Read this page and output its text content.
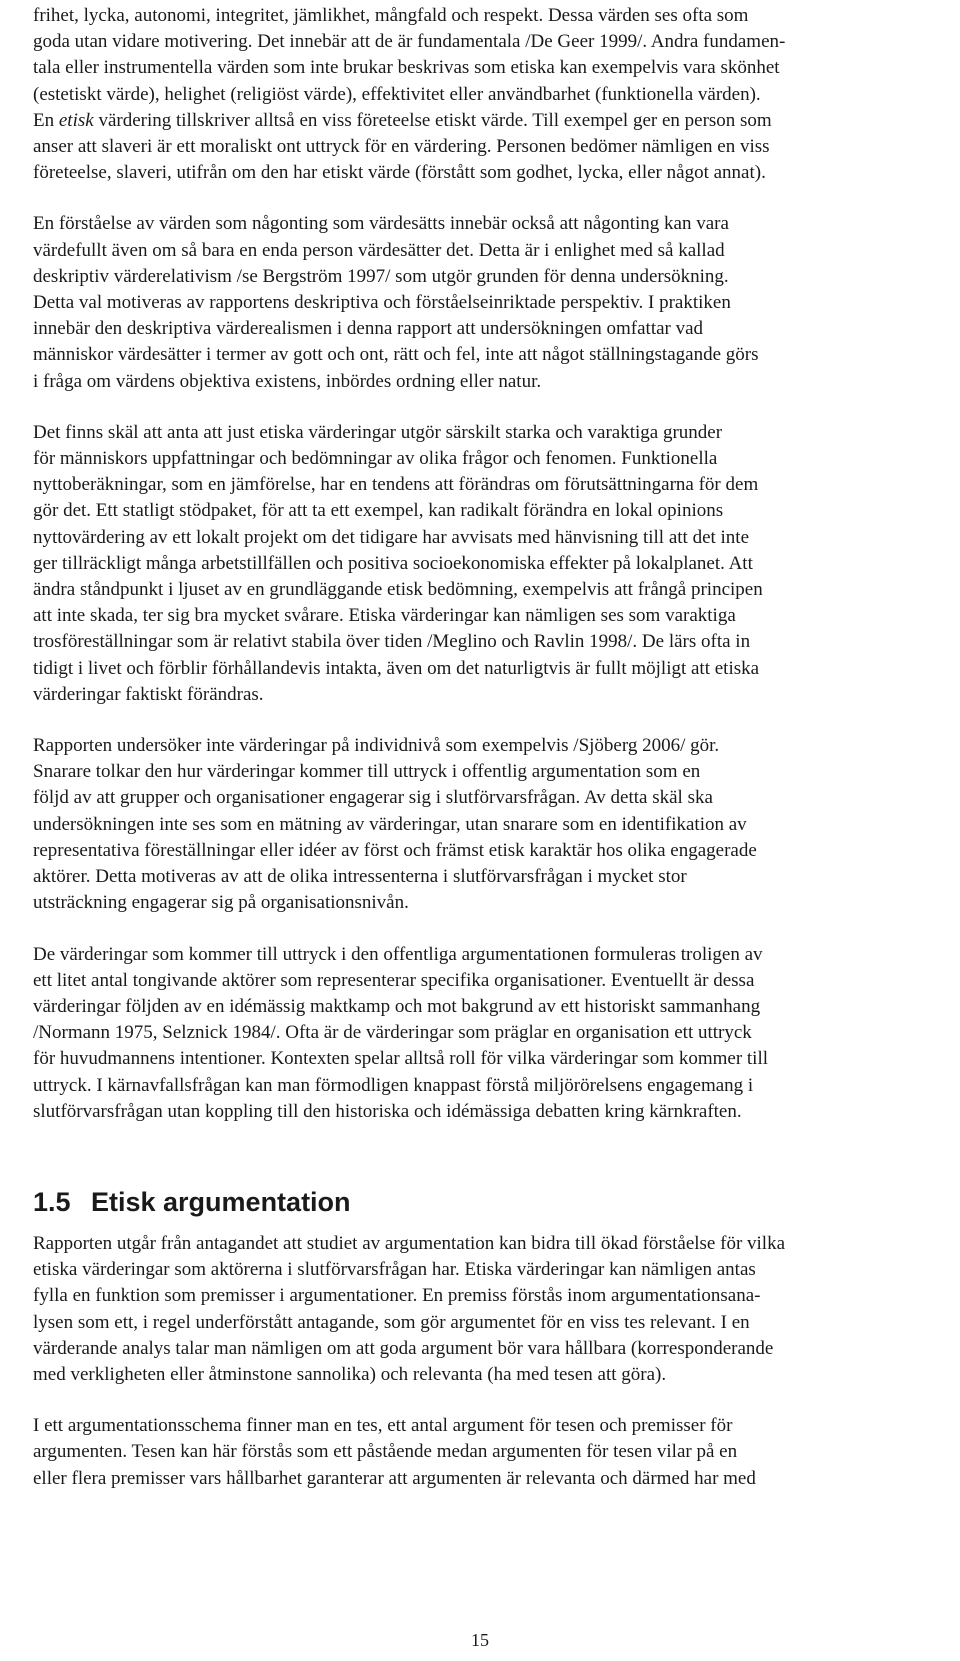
frihet, lycka, autonomi, integritet, jämlikhet, mångfald och respekt. Dessa värden ses ofta som
goda utan vidare motivering. Det innebär att de är fundamentala /De Geer 1999/. Andra fundamen-
tala eller instrumentella värden som inte brukar beskrivas som etiska kan exempelvis vara skönhet
(estetiskt värde), helighet (religiöst värde), effektivitet eller användbarhet (funktionella värden).
En etisk värdering tillskriver alltså en viss företeelse etiskt värde. Till exempel ger en person som
anser att slaveri är ett moraliskt ont uttryck för en värdering. Personen bedömer nämligen en viss
företeelse, slaveri, utifrån om den har etiskt värde (förstått som godhet, lycka, eller något annat).

En förståelse av värden som någonting som värdesätts innebär också att någonting kan vara
värdefullt även om så bara en enda person värdesätter det. Detta är i enlighet med så kallad
deskriptiv värderelativism /se Bergström 1997/ som utgör grunden för denna undersökning.
Detta val motiveras av rapportens deskriptiva och förståelseinriktade perspektiv. I praktiken
innebär den deskriptiva värderealismen i denna rapport att undersökningen omfattar vad
människor värdesätter i termer av gott och ont, rätt och fel, inte att något ställningstagande görs
i fråga om värdens objektiva existens, inbördes ordning eller natur.

Det finns skäl att anta att just etiska värderingar utgör särskilt starka och varaktiga grunder
för människors uppfattningar och bedömningar av olika frågor och fenomen. Funktionella
nyttoberäkningar, som en jämförelse, har en tendens att förändras om förutsättningarna för dem
gör det. Ett statligt stödpaket, för att ta ett exempel, kan radikalt förändra en lokal opinions
nyttovärdering av ett lokalt projekt om det tidigare har avvisats med hänvisning till att det inte
ger tillräckligt många arbetstillfällen och positiva socioekonomiska effekter på lokalplanet. Att
ändra ståndpunkt i ljuset av en grundläggande etisk bedömning, exempelvis att frångå principen
att inte skada, ter sig bra mycket svårare. Etiska värderingar kan nämligen ses som varaktiga
trosföreställningar som är relativt stabila över tiden /Meglino och Ravlin 1998/. De lärs ofta in
tidigt i livet och förblir förhållandevis intakta, även om det naturligtvis är fullt möjligt att etiska
värderingar faktiskt förändras.

Rapporten undersöker inte värderingar på individnivå som exempelvis /Sjöberg 2006/ gör.
Snarare tolkar den hur värderingar kommer till uttryck i offentlig argumentation som en
följd av att grupper och organisationer engagerar sig i slutförvarsfrågan. Av detta skäl ska
undersökningen inte ses som en mätning av värderingar, utan snarare som en identifikation av
representativa föreställningar eller idéer av först och främst etisk karaktär hos olika engagerade
aktörer. Detta motiveras av att de olika intressenterna i slutförvarsfrågan i mycket stor
utsträckning engagerar sig på organisationsnivån.

De värderingar som kommer till uttryck i den offentliga argumentationen formuleras troligen av
ett litet antal tongivande aktörer som representerar specifika organisationer. Eventuellt är dessa
värderingar följden av en idémässig maktkamp och mot bakgrund av ett historiskt sammanhang
/Normann 1975, Selznick 1984/. Ofta är de värderingar som präglar en organisation ett uttryck
för huvudmannens intentioner. Kontexten spelar alltså roll för vilka värderingar som kommer till
uttryck. I kärnavfallsfrågan kan man förmodligen knappast förstå miljörörelsens engagemang i
slutförvarsfrågan utan koppling till den historiska och idémässiga debatten kring kärnkraften.

1.5 Etisk argumentation

Rapporten utgår från antagandet att studiet av argumentation kan bidra till ökad förståelse för vilka
etiska värderingar som aktörerna i slutförvarsfrågan har. Etiska värderingar kan nämligen antas
fylla en funktion som premisser i argumentationer. En premiss förstås inom argumentationsana-
lysen som ett, i regel underförstått antagande, som gör argumentet för en viss tes relevant. I en
värderande analys talar man nämligen om att goda argument bör vara hållbara (korresponderande
med verkligheten eller åtminstone sannolika) och relevanta (ha med tesen att göra).

I ett argumentationsschema finner man en tes, ett antal argument för tesen och premisser för
argumenten. Tesen kan här förstås som ett påstående medan argumenten för tesen vilar på en
eller flera premisser vars hållbarhet garanterar att argumenten är relevanta och därmed har med

15
